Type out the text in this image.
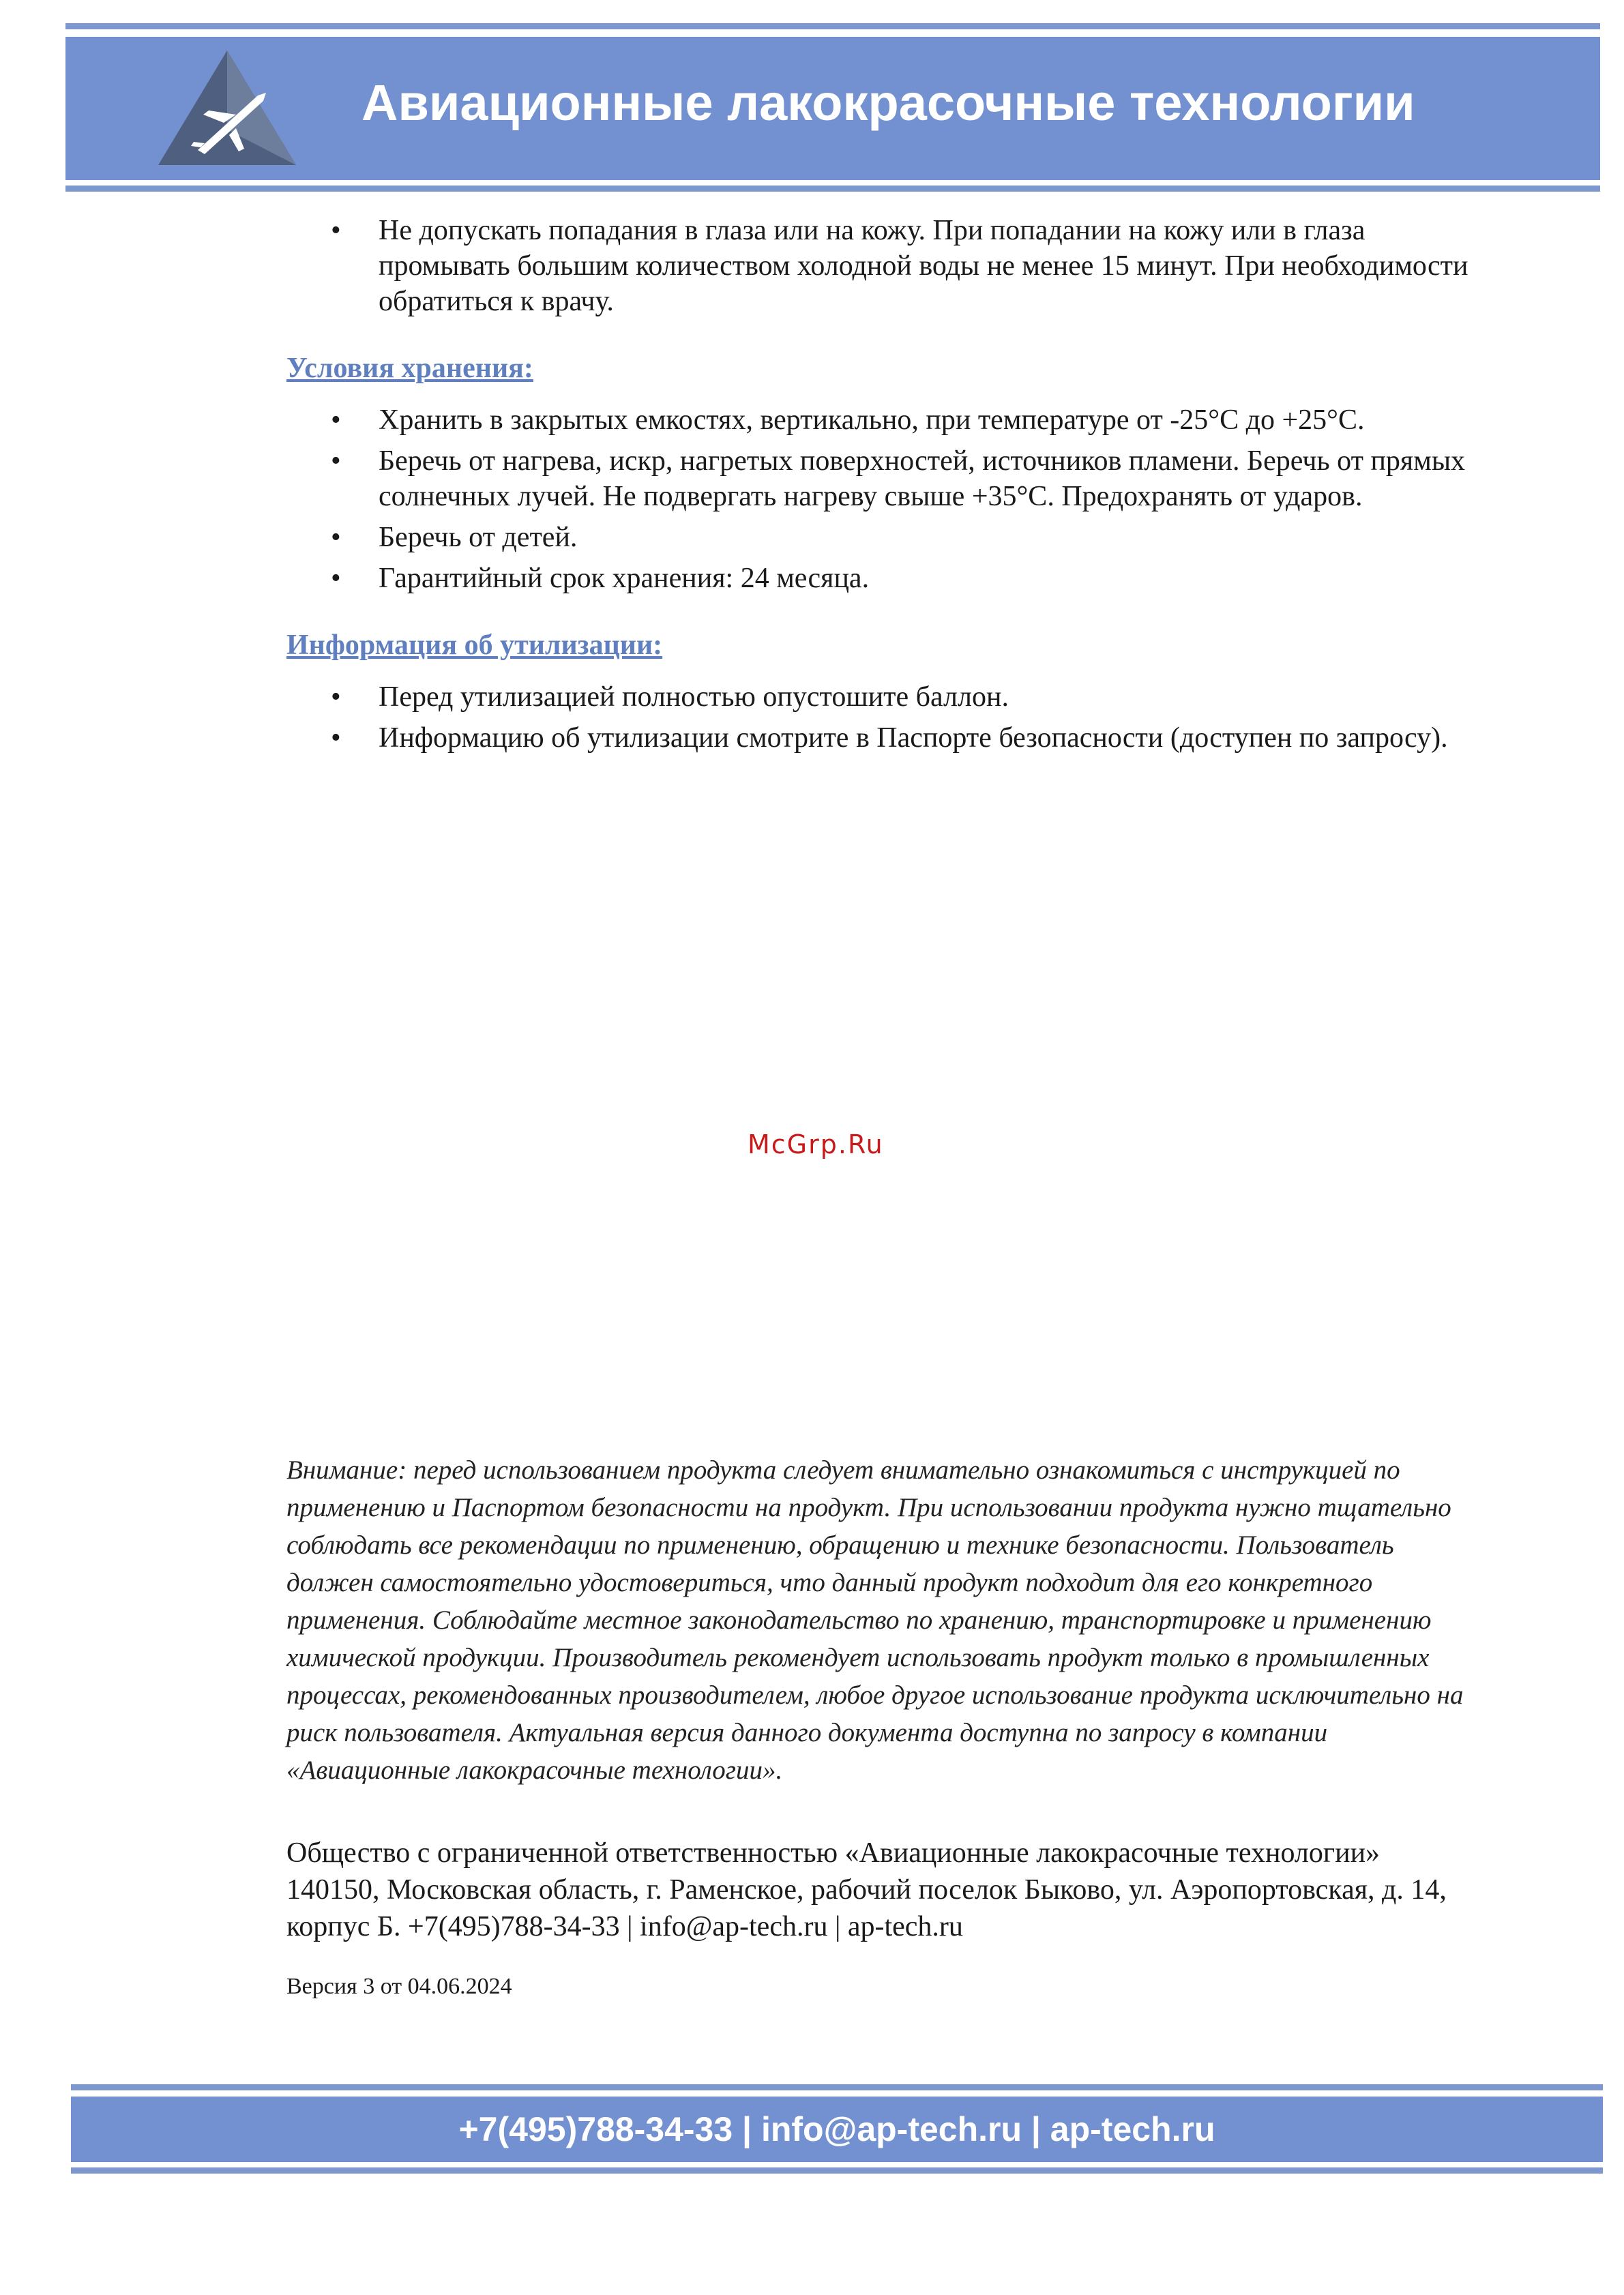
Авиационные лакокрасочные технологии
• Не допускать попадания в глаза или на кожу. При попадании на кожу или в глаза промывать большим количеством холодной воды не менее 15 минут. При необходимости обратиться к врачу.
Условия хранения:
• Хранить в закрытых емкостях, вертикально, при температуре от -25°С до +25°С.
• Беречь от нагрева, искр, нагретых поверхностей, источников пламени. Беречь от прямых солнечных лучей. Не подвергать нагреву свыше +35°С. Предохранять от ударов.
• Беречь от детей.
• Гарантийный срок хранения: 24 месяца.
Информация об утилизации:
• Перед утилизацией полностью опустошите баллон.
• Информацию об утилизации смотрите в Паспорте безопасности (доступен по запросу).
McGrp.Ru
Внимание: перед использованием продукта следует внимательно ознакомиться с инструкцией по применению и Паспортом безопасности на продукт. При использовании продукта нужно тщательно соблюдать все рекомендации по применению, обращению и технике безопасности. Пользователь должен самостоятельно удостовериться, что данный продукт подходит для его конкретного применения. Соблюдайте местное законодательство по хранению, транспортировке и применению химической продукции. Производитель рекомендует использовать продукт только в промышленных процессах, рекомендованных производителем, любое другое использование продукта исключительно на риск пользователя. Актуальная версия данного документа доступна по запросу в компании «Авиационные лакокрасочные технологии».
Общество с ограниченной ответственностью «Авиационные лакокрасочные технологии»
140150, Московская область, г. Раменское, рабочий поселок Быково, ул. Аэропортовская, д. 14, корпус Б. +7(495)788-34-33 | info@ap-tech.ru | ap-tech.ru
Версия 3 от 04.06.2024
+7(495)788-34-33 | info@ap-tech.ru | ap-tech.ru
